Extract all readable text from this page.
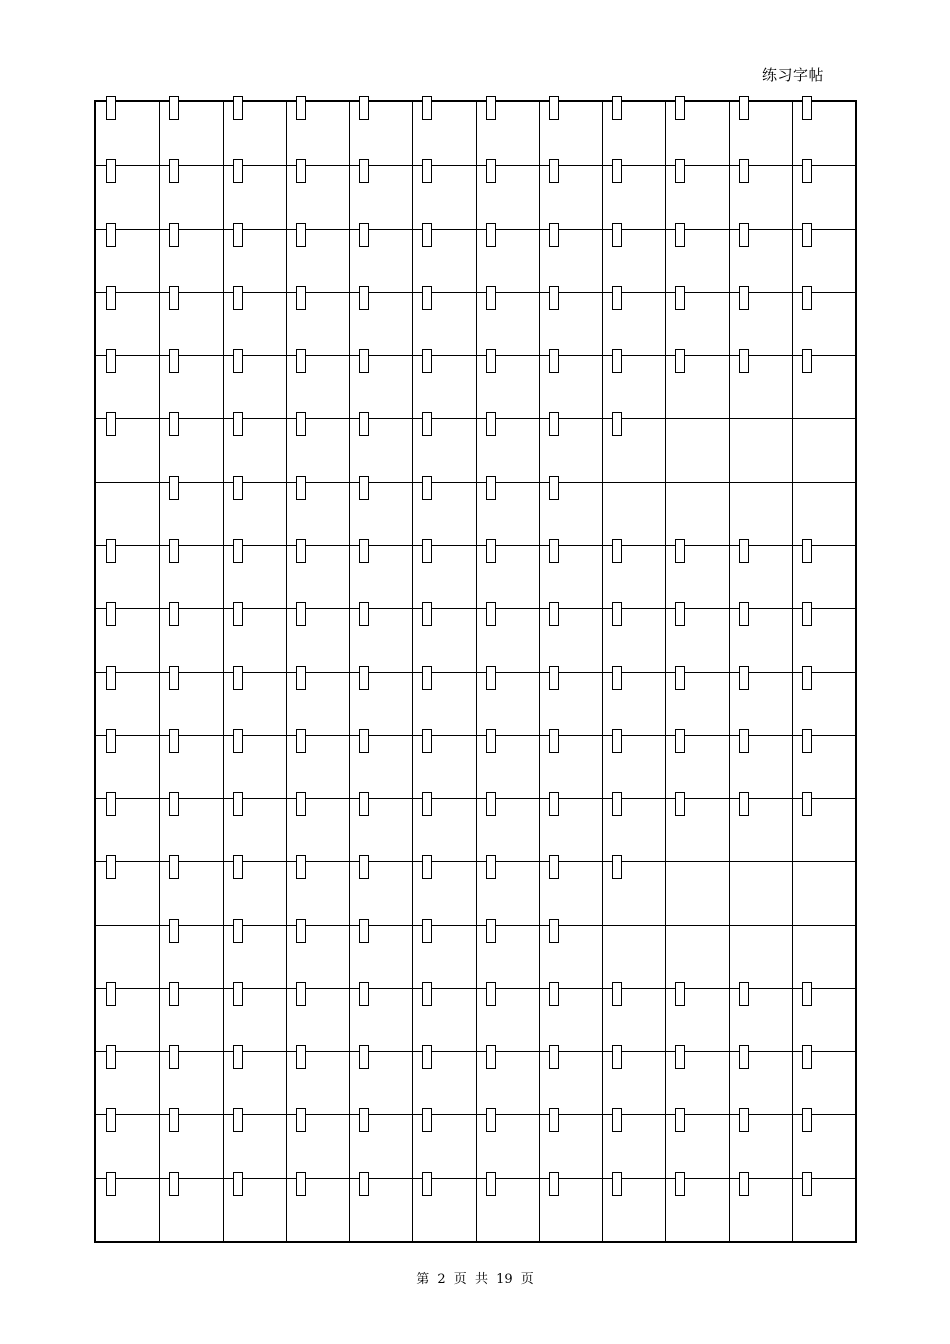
练习字帖
第 2 页 共 19 页
